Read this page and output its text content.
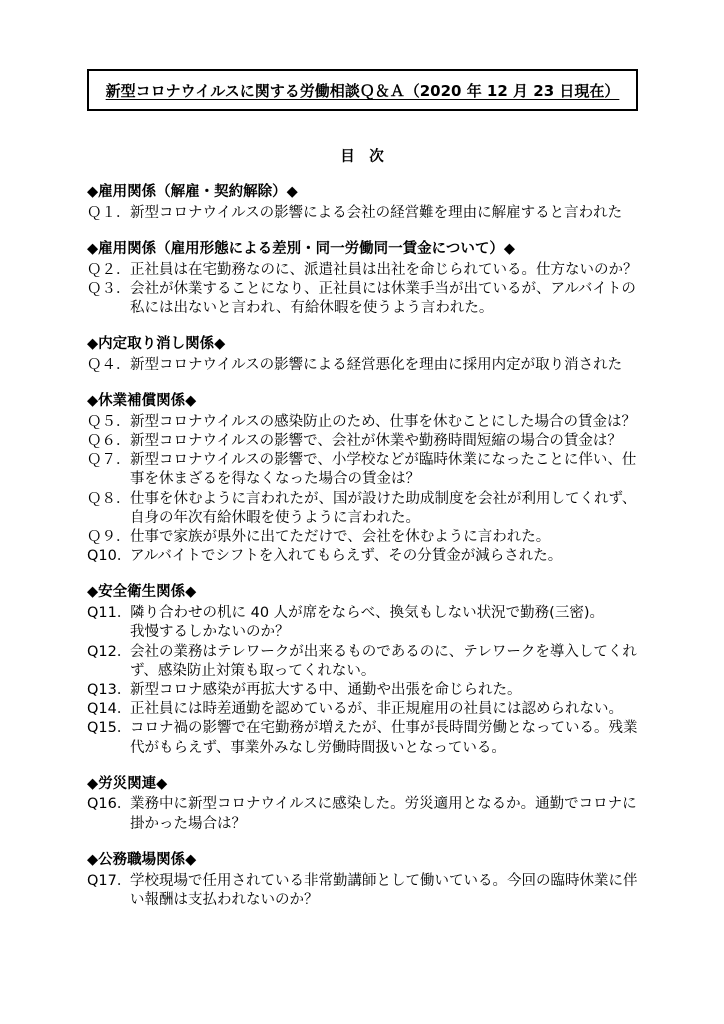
新型コロナウイルスに関する労働相談Ｑ＆Ａ（2020 年 12 月 23 日現在）
目　次
◆雇用関係（解雇・契約解除）◆
Ｑ１． 新型コロナウイルスの影響による会社の経営難を理由に解雇すると言われた
◆雇用関係（雇用形態による差別・同一労働同一賃金について）◆
Ｑ２． 正社員は在宅勤務なのに、派遣社員は出社を命じられている。仕方ないのか？
Ｑ３． 会社が休業することになり、正社員には休業手当が出ているが、アルバイトの
私には出ないと言われ、有給休暇を使うよう言われた。
◆内定取り消し関係◆
Ｑ４． 新型コロナウイルスの影響による経営悪化を理由に採用内定が取り消された
◆休業補償関係◆
Ｑ５． 新型コロナウイルスの感染防止のため、仕事を休むことにした場合の賃金は？
Ｑ６． 新型コロナウイルスの影響で、会社が休業や勤務時間短縮の場合の賃金は？
Ｑ７． 新型コロナウイルスの影響で、小学校などが臨時休業になったことに伴い、仕
事を休まざるを得なくなった場合の賃金は？
Ｑ８． 仕事を休むように言われたが、国が設けた助成制度を会社が利用してくれず、
自身の年次有給休暇を使うように言われた。
Ｑ９． 仕事で家族が県外に出てただけで、会社を休むように言われた。
Q10．
アルバイトでシフトを入れてもらえず、その分賃金が減らされた。
◆安全衛生関係◆
Q11．
隣り合わせの机に 40 人が席をならべ、換気もしない状況で勤務(三密)。
我慢するしかないのか？
Q12．
会社の業務はテレワークが出来るものであるのに、テレワークを導入してくれ
ず、感染防止対策も取ってくれない。
Q13．
新型コロナ感染が再拡大する中、通勤や出張を命じられた。
Q14．
正社員には時差通勤を認めているが、非正規雇用の社員には認められない。
Q15．
コロナ禍の影響で在宅勤務が増えたが、仕事が長時間労働となっている。残業
代がもらえず、事業外みなし労働時間扱いとなっている。
◆労災関連◆
Q16．
業務中に新型コロナウイルスに感染した。労災適用となるか。通勤でコロナに
掛かった場合は？
◆公務職場関係◆
Q17．
学校現場で任用されている非常勤講師として働いている。今回の臨時休業に伴
い報酬は支払われないのか？
